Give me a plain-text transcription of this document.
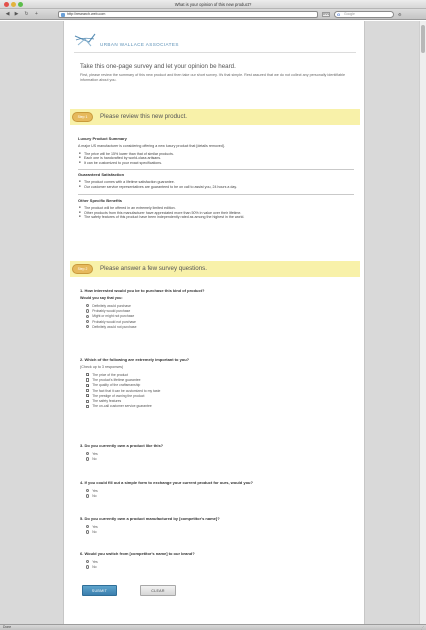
What is your opinion of this new product?
◀	▶	↻	+	http://research.web.com	RSS G Google	⚙
URBAN WALLACE ASSOCIATES
Take this one-page survey and let your opinion be heard.
First, please review the summary of this new product and then take our short survey. It's that simple. Rest assured that we do not collect any personally identifiable information about you.
Step 1	Please review this new product.
Luxury Product Summary
A major US manufacturer is considering offering a new luxury product that [details removed].
■ The price will be 15% lower than that of similar products.
■ Each one is handcrafted by world-class artisans.
■ It can be customized to your exact specifications.
Guaranteed Satisfaction
■ The product comes with a lifetime satisfaction guarantee.
■ Our customer service representatives are guaranteed to be on call to assist you, 24 hours a day.
Other Specific Benefits
■ The product will be offered in an extremely limited edition.
■ Other products from this manufacturer have appreciated more than 50% in value over their lifetime.
■ The safety features of this product have been independently rated as among the highest in the world.
Step 2	Please answer a few survey questions.
1. How interested would you be to purchase this kind of product?
Would you say that you:
Definitely would purchase
Probably would purchase
Might or might not purchase
Probably would not purchase
Definitely would not purchase
2. Which of the following are extremely important to you?
(Check up to 3 responses)
The price of the product
The product's lifetime guarantee
The quality of the craftsmanship
The fact that it can be customized to my taste
The prestige of owning the product
The safety features
The on-call customer service guarantee
3. Do you currently own a product like this?
Yes
No
4. If you could fill out a simple form to exchange your current product for ours, would you?
Yes
No
5. Do you currently own a product manufactured by [competitor's name]?
Yes
No
6. Would you switch from [competitor's name] to our brand?
Yes
No
SUBMIT	CLEAR
Done	⋰
